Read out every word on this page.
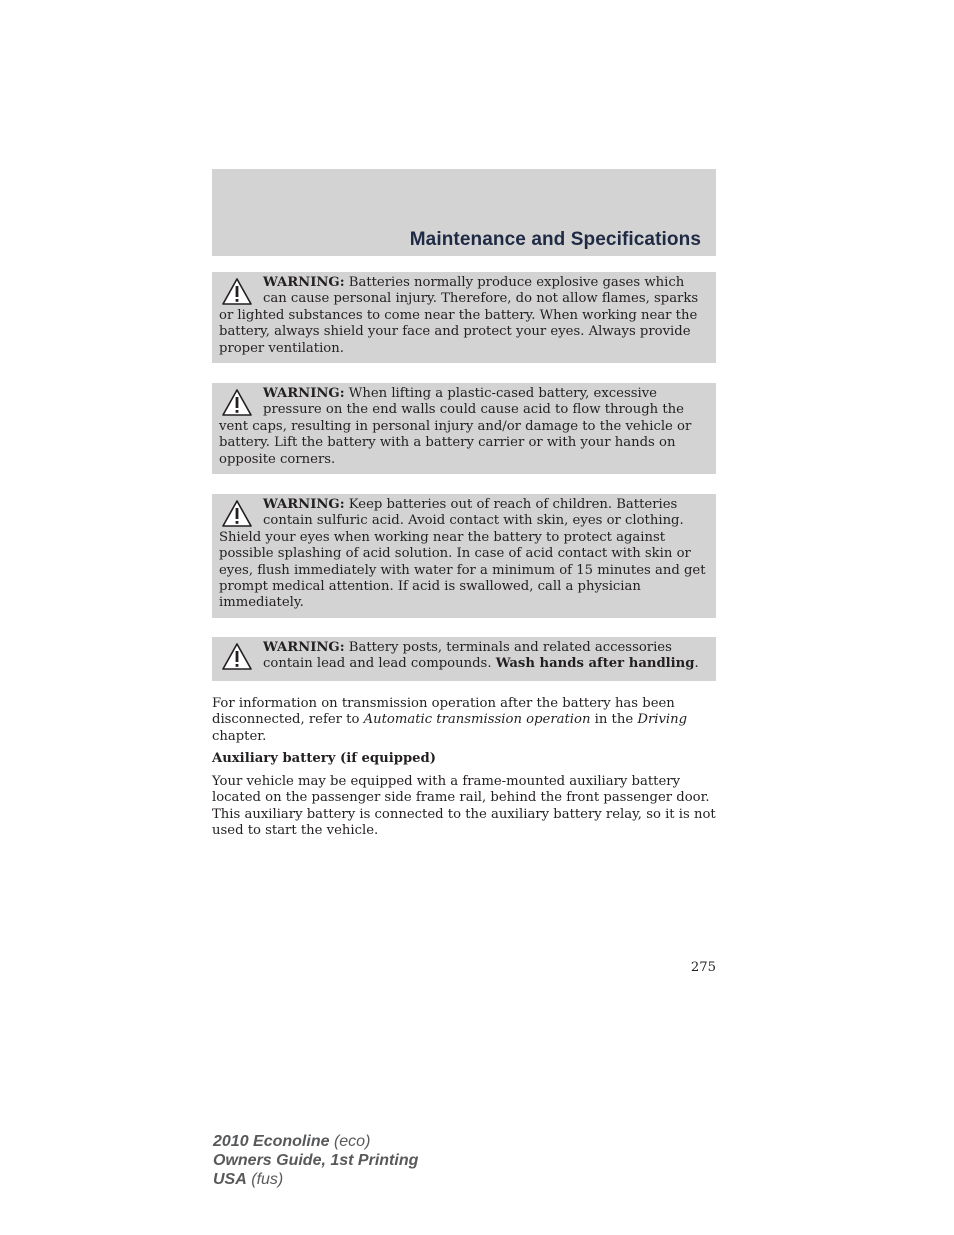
Maintenance and Specifications
WARNING: Batteries normally produce explosive gases which can cause personal injury. Therefore, do not allow flames, sparks or lighted substances to come near the battery. When working near the battery, always shield your face and protect your eyes. Always provide proper ventilation.
WARNING: When lifting a plastic-cased battery, excessive pressure on the end walls could cause acid to flow through the vent caps, resulting in personal injury and/or damage to the vehicle or battery. Lift the battery with a battery carrier or with your hands on opposite corners.
WARNING: Keep batteries out of reach of children. Batteries contain sulfuric acid. Avoid contact with skin, eyes or clothing. Shield your eyes when working near the battery to protect against possible splashing of acid solution. In case of acid contact with skin or eyes, flush immediately with water for a minimum of 15 minutes and get prompt medical attention. If acid is swallowed, call a physician immediately.
WARNING: Battery posts, terminals and related accessories contain lead and lead compounds. Wash hands after handling.
For information on transmission operation after the battery has been disconnected, refer to Automatic transmission operation in the Driving chapter.
Auxiliary battery (if equipped)
Your vehicle may be equipped with a frame-mounted auxiliary battery located on the passenger side frame rail, behind the front passenger door. This auxiliary battery is connected to the auxiliary battery relay, so it is not used to start the vehicle.
275
2010 Econoline (eco)
Owners Guide, 1st Printing
USA (fus)
